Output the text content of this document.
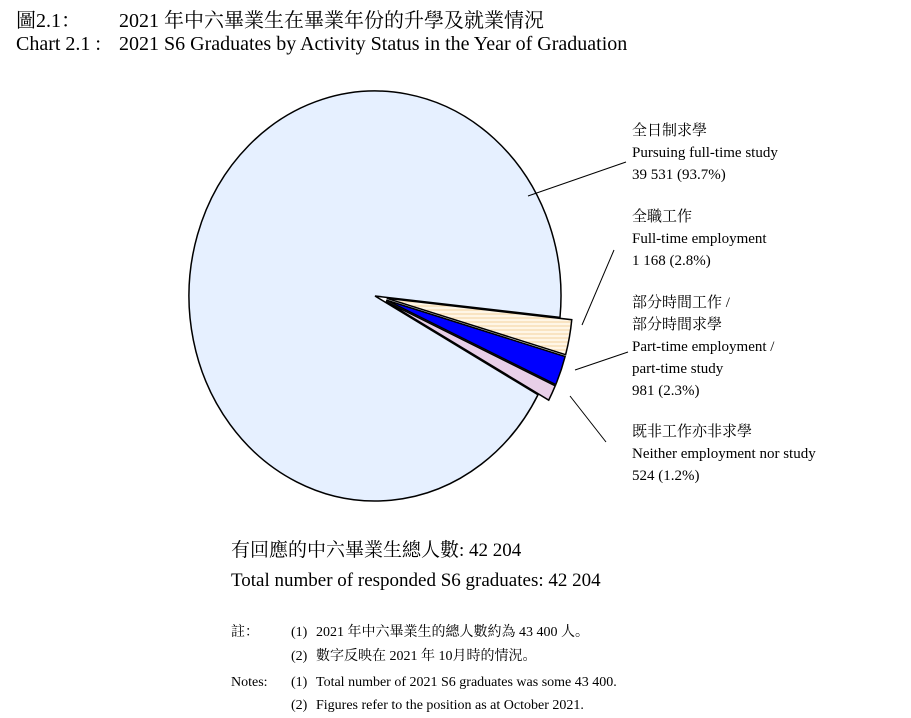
圖2.1： 2021 年中六畢業生在畢業年份的升學及就業情況
Chart 2.1 : 2021 S6 Graduates by Activity Status in the Year of Graduation
全日制求學
Pursuing full-time study
39 531 (93.7%)
全職工作
Full-time employment
1 168 (2.8%)
部分時間工作 /
部分時間求學
Part-time employment /
part-time study
981 (2.3%)
既非工作亦非求學
Neither employment nor study
524 (1.2%)
有回應的中六畢業生總人數: 42 204
Total number of responded S6 graduates: 42 204
註： (1) 2021 年中六畢業生的總人數約為 43 400 人。
(2) 數字反映在 2021 年 10月時的情況。
Notes: (1) Total number of 2021 S6 graduates was some 43 400.
(2) Figures refer to the position as at October 2021.
